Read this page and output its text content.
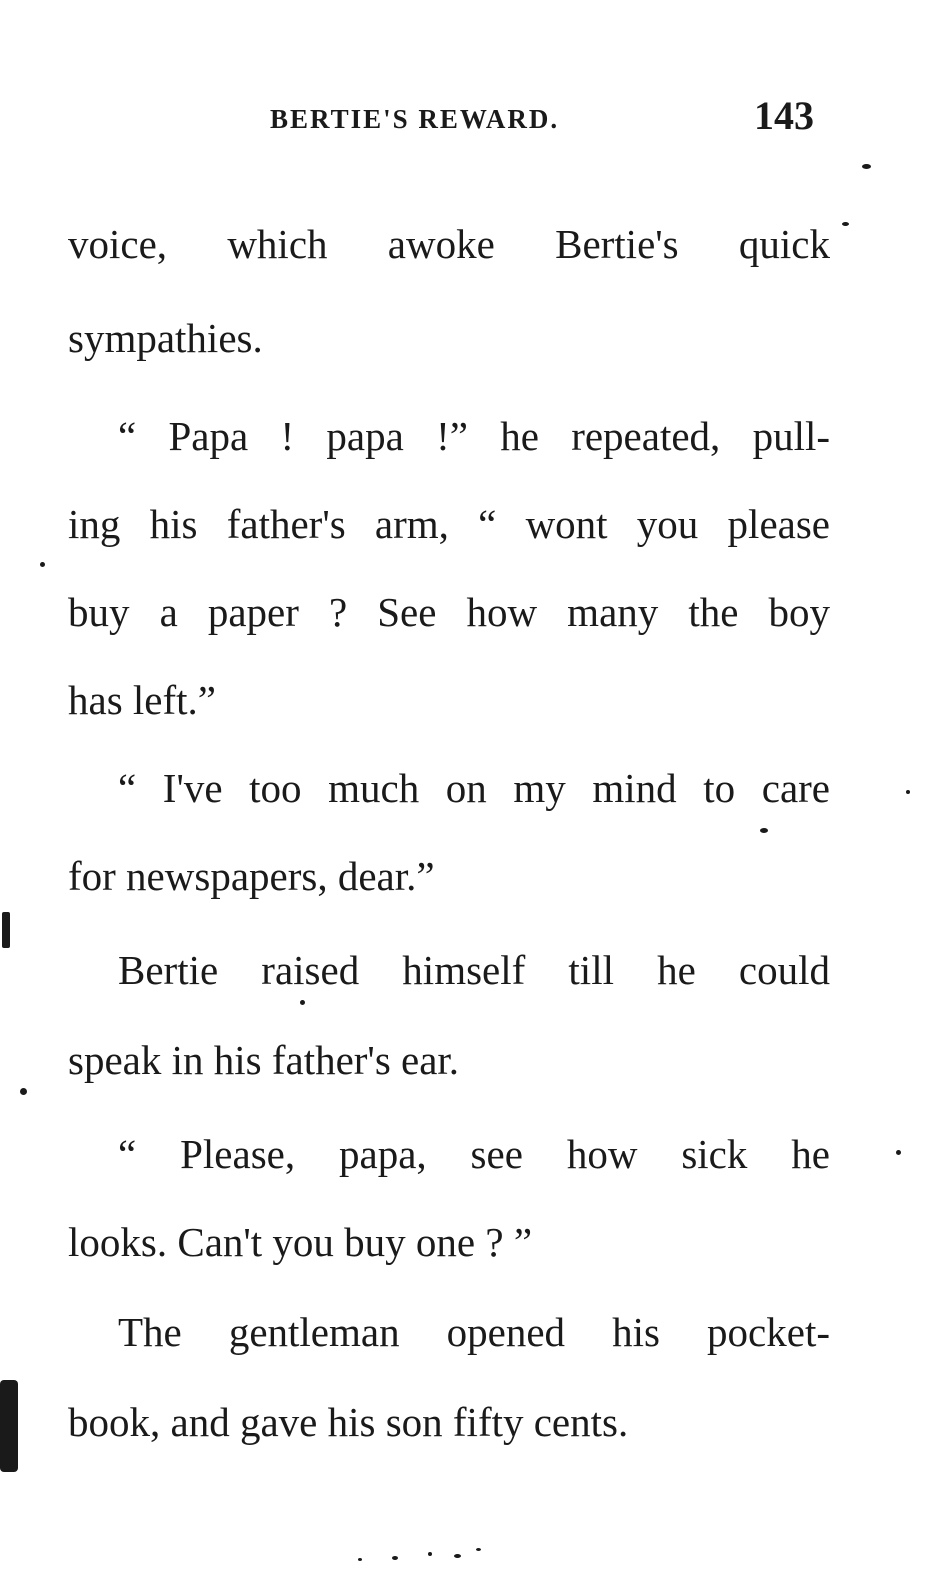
BERTIE'S REWARD.	143
voice, which awoke Bertie's quick
sympathies.
“ Papa ! papa !” he repeated, pull-
ing his father's arm, “ wont you please
buy a paper ? See how many the boy
has left.”
“ I've too much on my mind to care
for newspapers, dear.”
Bertie raised himself till he could
speak in his father's ear.
“ Please, papa, see how sick he
looks. Can't you buy one ? ”
The gentleman opened his pocket-
book, and gave his son fifty cents.
